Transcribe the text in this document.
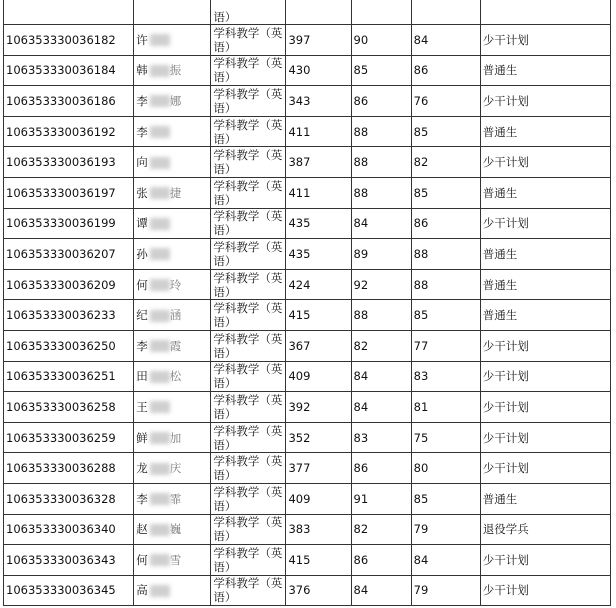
语）				
106353330036182	许	学科教学（英
语）	397	90	84	少干计划
106353330036184	韩 振	学科教学（英
语）	430	85	86	普通生
106353330036186	李 娜	学科教学（英
语）	343	86	76	少干计划
106353330036192	李	学科教学（英
语）	411	88	85	普通生
106353330036193	向	学科教学（英
语）	387	88	82	少干计划
106353330036197	张 捷	学科教学（英
语）	411	88	85	普通生
106353330036199	谭	学科教学（英
语）	435	84	86	少干计划
106353330036207	孙	学科教学（英
语）	435	89	88	普通生
106353330036209	何 玲	学科教学（英
语）	424	92	88	普通生
106353330036233	纪 涵	学科教学（英
语）	415	88	85	普通生
106353330036250	李 霞	学科教学（英
语）	367	82	77	少干计划
106353330036251	田 松	学科教学（英
语）	409	84	83	少干计划
106353330036258	王	学科教学（英
语）	392	84	81	少干计划
106353330036259	鲜 加	学科教学（英
语）	352	83	75	少干计划
106353330036288	龙 庆	学科教学（英
语）	377	86	80	少干计划
106353330036328	李 霏	学科教学（英
语）	409	91	85	普通生
106353330036340	赵 巍	学科教学（英
语）	383	82	79	退役学兵
106353330036343	何 雪	学科教学（英
语）	415	86	84	少干计划
106353330036345	高	学科教学（英
语）	376	84	79	少干计划
